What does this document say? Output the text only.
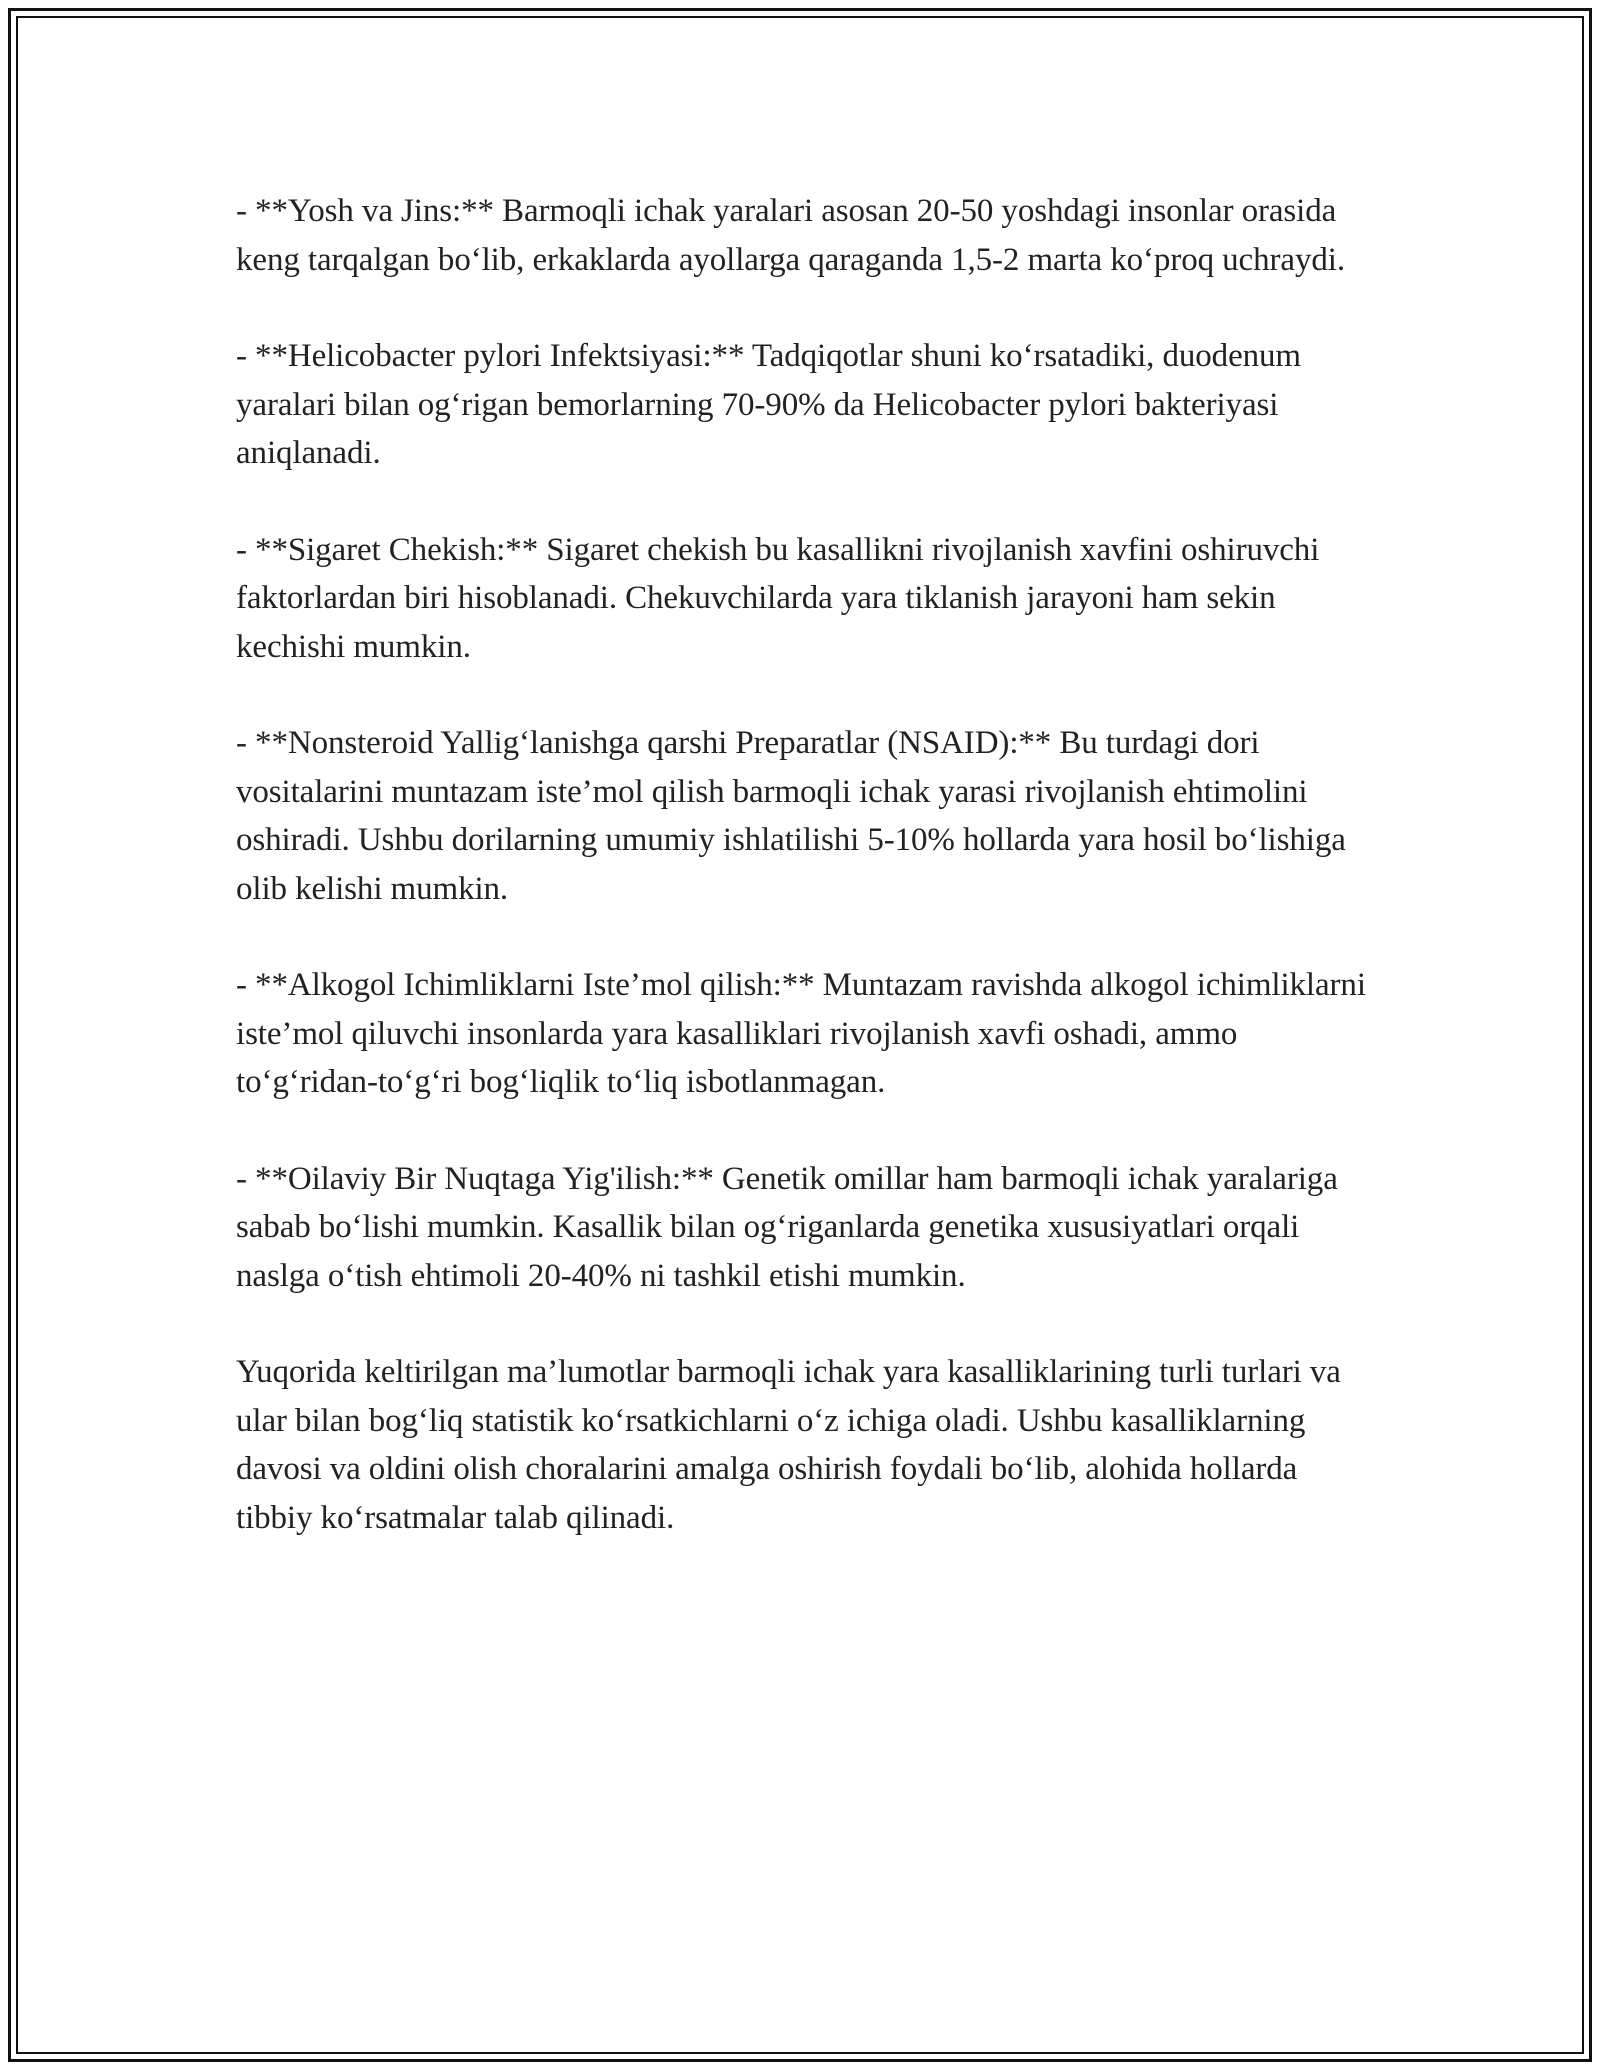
- **Yosh va Jins:** Barmoqli ichak yaralari asosan 20-50 yoshdagi insonlar orasida keng tarqalgan bo‘lib, erkaklarda ayollarga qaraganda 1,5-2 marta ko‘proq uchraydi.

- **Helicobacter pylori Infektsiyasi:** Tadqiqotlar shuni ko‘rsatadiki, duodenum yaralari bilan og‘rigan bemorlarning 70-90% da Helicobacter pylori bakteriyasi aniqlanadi.

- **Sigaret Chekish:** Sigaret chekish bu kasallikni rivojlanish xavfini oshiruvchi faktorlardan biri hisoblanadi. Chekuvchilarda yara tiklanish jarayoni ham sekin kechishi mumkin.

- **Nonsteroid Yallig‘lanishga qarshi Preparatlar (NSAID):** Bu turdagi dori vositalarini muntazam iste’mol qilish barmoqli ichak yarasi rivojlanish ehtimolini oshiradi. Ushbu dorilarning umumiy ishlatilishi 5-10% hollarda yara hosil bo‘lishiga olib kelishi mumkin.

- **Alkogol Ichimliklarni Iste’mol qilish:** Muntazam ravishda alkogol ichimliklarni iste’mol qiluvchi insonlarda yara kasalliklari rivojlanish xavfi oshadi, ammo to‘g‘ridan-to‘g‘ri bog‘liqlik to‘liq isbotlanmagan.

- **Oilaviy Bir Nuqtaga Yig'ilish:** Genetik omillar ham barmoqli ichak yaralariga sabab bo‘lishi mumkin. Kasallik bilan og‘riganlarda genetika xususiyatlari orqali naslga o‘tish ehtimoli 20-40% ni tashkil etishi mumkin.

Yuqorida keltirilgan ma’lumotlar barmoqli ichak yara kasalliklarining turli turlari va ular bilan bog‘liq statistik ko‘rsatkichlarni o‘z ichiga oladi. Ushbu kasalliklarning davosi va oldini olish choralarini amalga oshirish foydali bo‘lib, alohida hollarda tibbiy ko‘rsatmalar talab qilinadi.
